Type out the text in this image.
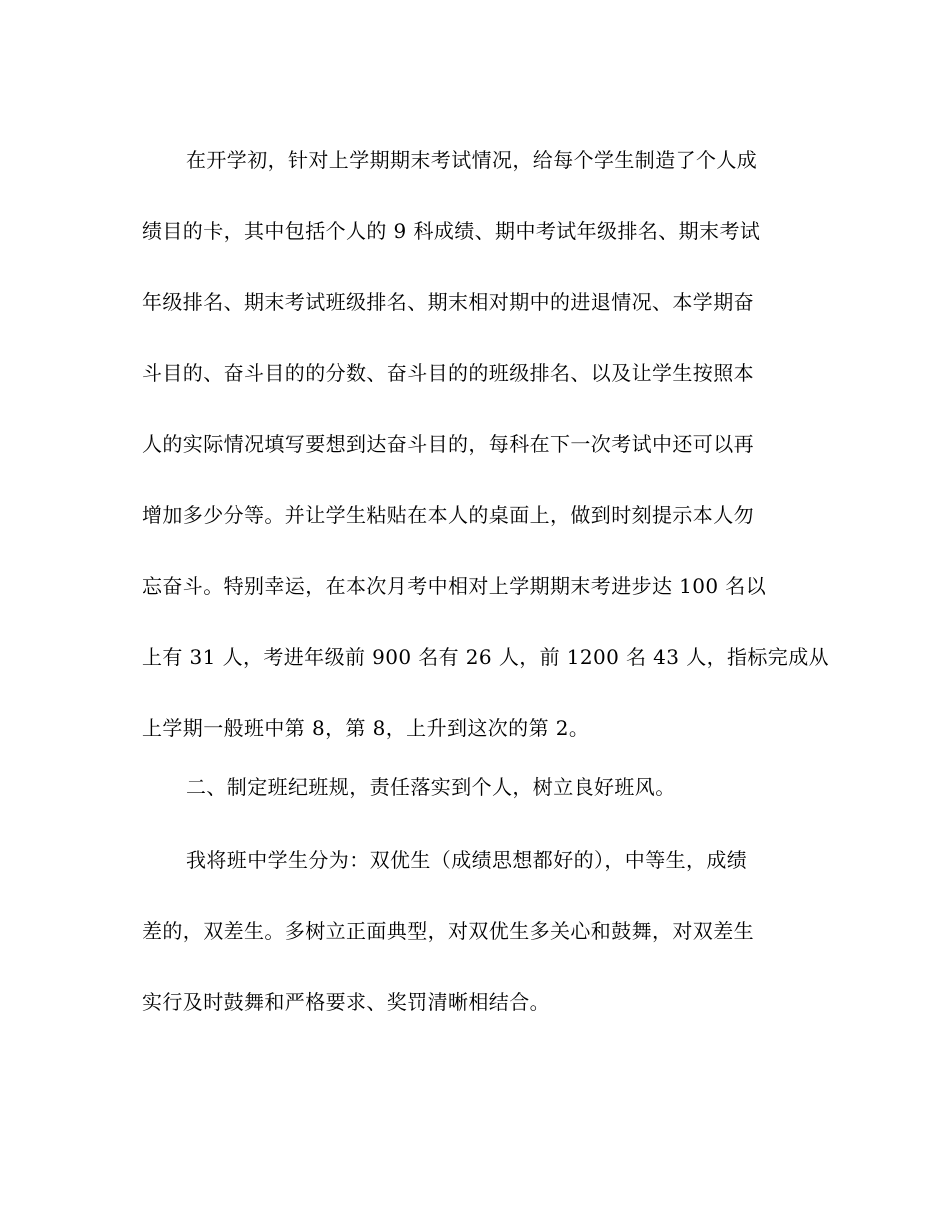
在开学初，针对上学期期末考试情况，给每个学生制造了个人成
绩目的卡，其中包括个人的 9 科成绩、期中考试年级排名、期末考试
年级排名、期末考试班级排名、期末相对期中的进退情况、本学期奋
斗目的、奋斗目的的分数、奋斗目的的班级排名、以及让学生按照本
人的实际情况填写要想到达奋斗目的，每科在下一次考试中还可以再
增加多少分等。并让学生粘贴在本人的桌面上，做到时刻提示本人勿
忘奋斗。特别幸运，在本次月考中相对上学期期末考进步达 100 名以
上有 31 人，考进年级前 900 名有 26 人，前 1200 名 43 人，指标完成从
上学期一般班中第 8，第 8，上升到这次的第 2。
二、制定班纪班规，责任落实到个人，树立良好班风。
我将班中学生分为：双优生（成绩思想都好的），中等生，成绩
差的，双差生。多树立正面典型，对双优生多关心和鼓舞，对双差生
实行及时鼓舞和严格要求、奖罚清晰相结合。
